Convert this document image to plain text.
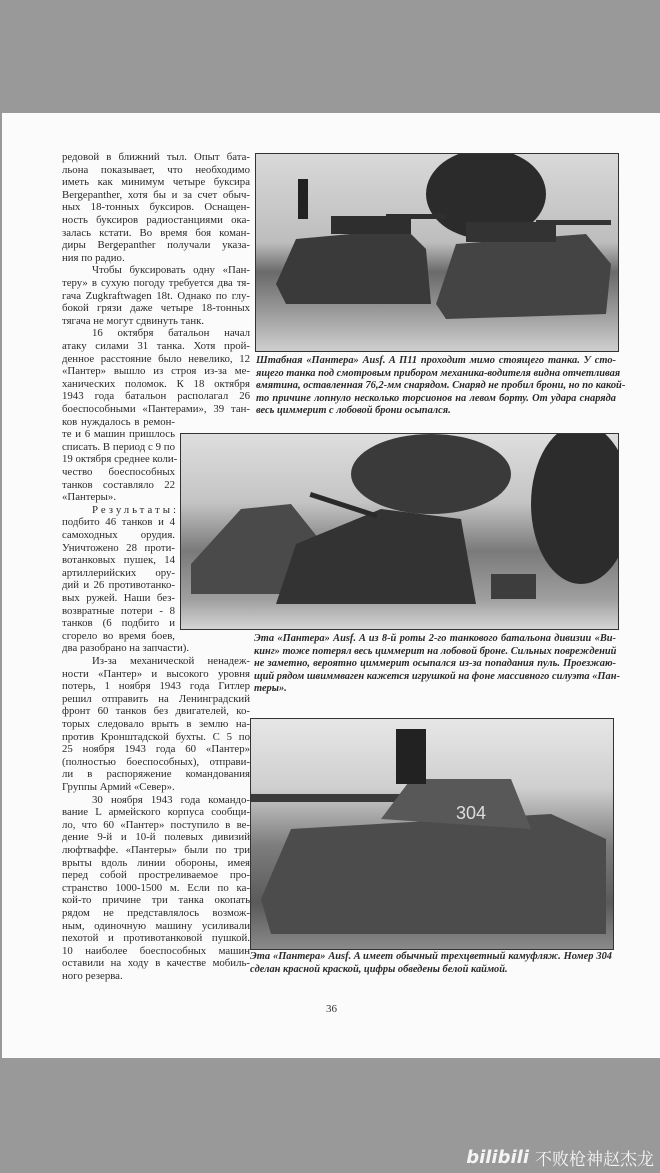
редовой в ближний тыл. Опыт бата-
льона показывает, что необходимо
иметь как минимум четыре буксира
Bergepanther, хотя бы и за счет обыч-
ных 18-тонных буксиров. Оснащен-
ность буксиров радиостанциями ока-
залась кстати. Во время боя коман-
диры Bergepanther получали указа-
ния по радио.
Чтобы буксировать одну «Пан-
теру» в сухую погоду требуется два тя-
гача Zugkraftwagen 18t. Однако по глу-
бокой грязи даже четыре 18-тонных
тягача не могут сдвинуть танк.
16 октября батальон начал
атаку силами 31 танка. Хотя прой-
денное расстояние было невелико, 12
«Пантер» вышло из строя из-за ме-
ханических поломок. К 18 октября
1943 года батальон располагал 26
боеспособными «Пантерами», 39 тан-
ков нуждалось в ремон-
те и 6 машин пришлось
списать. В период с 9 по
19 октября среднее коли-
чество боеспособных
танков составляло 22
«Пантеры».
Результаты:
подбито 46 танков и 4
самоходных орудия.
Уничтожено 28 проти-
вотанковых пушек, 14
артиллерийских ору-
дий и 26 противотанко-
вых ружей. Наши без-
возвратные потери - 8
танков (6 подбито и
сгорело во время боев,
два разобрано на запчасти).
Из-за механической ненадеж-
ности «Пантер» и высокого уровня
потерь, 1 ноября 1943 года Гитлер
решил отправить на Ленинградский
фронт 60 танков без двигателей, ко-
торых следовало врыть в землю на-
против Кронштадской бухты. С 5 по
25 ноября 1943 года 60 «Пантер»
(полностью боеспособных), отправи-
ли в распоряжение командования
Группы Армий «Север».
30 ноября 1943 года командо-
вание L армейского корпуса сообщи-
ло, что 60 «Пантер» поступило в ве-
дение 9-й и 10-й полевых дивизий
люфтваффе. «Пантеры» были по три
врыты вдоль линии обороны, имея
перед собой простреливаемое про-
странство 1000-1500 м. Если по ка-
кой-то причине три танка окопать
рядом не представлялось возмож-
ным, одиночную машину усиливали
пехотой и противотанковой пушкой.
10 наиболее боеспособных машин
оставили на ходу в качестве мобиль-
ного резерва.
304
Штабная «Пантера» Ausf. A П11 проходит мимо стоящего танка. У сто-
ящего танка под смотровым прибором механика-водителя видна отчетливая
вмятина, оставленная 76,2-мм снарядом. Снаряд не пробил брони, но по какой-
то причине лопнуло несколько торсионов на левом борту. От удара снаряда
весь циммерит с лобовой брони осыпался.
Эта «Пантера» Ausf. A из 8-й роты 2-го танкового батальона дивизии «Ви-
кинг» тоже потерял весь циммерит на лобовой броне. Сильных повреждений
не заметно, вероятно циммерит осыпался из-за попадания пуль. Проезжаю-
щий рядом швиммваген кажется игрушкой на фоне массивного силуэта «Пан-
теры».
Эта «Пантера» Ausf. A имеет обычный трехцветный камуфляж. Номер 304
сделан красной краской, цифры обведены белой каймой.
36
bilibili 不败枪神赵杰龙
